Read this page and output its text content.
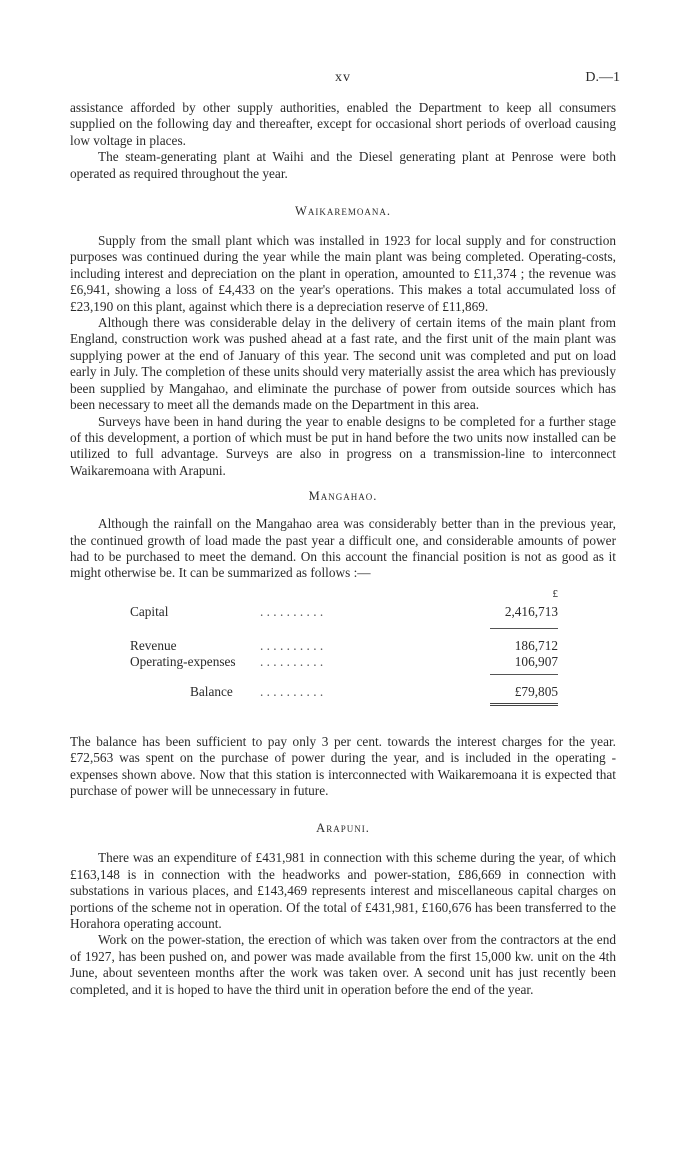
xv	D.—1

assistance afforded by other supply authorities, enabled the Department to keep all consumers supplied on the following day and thereafter, except for occasional short periods of overload causing low voltage in places.

The steam-generating plant at Waihi and the Diesel generating plant at Penrose were both operated as required throughout the year.

Waikaremoana.

Supply from the small plant which was installed in 1923 for local supply and for construction purposes was continued during the year while the main plant was being completed. Operating-costs, including interest and depreciation on the plant in operation, amounted to £11,374 ; the revenue was £6,941, showing a loss of £4,433 on the year's operations. This makes a total accumulated loss of £23,190 on this plant, against which there is a depreciation reserve of £11,869.

Although there was considerable delay in the delivery of certain items of the main plant from England, construction work was pushed ahead at a fast rate, and the first unit of the main plant was supplying power at the end of January of this year. The second unit was completed and put on load early in July. The completion of these units should very materially assist the area which has previously been supplied by Mangahao, and eliminate the purchase of power from outside sources which has been necessary to meet all the demands made on the Department in this area.

Surveys have been in hand during the year to enable designs to be completed for a further stage of this development, a portion of which must be put in hand before the two units now installed can be utilized to full advantage. Surveys are also in progress on a transmission-line to interconnect Waikaremoana with Arapuni.

Mangahao.

Although the rainfall on the Mangahao area was considerably better than in the previous year, the continued growth of load made the past year a difficult one, and considerable amounts of power had to be purchased to meet the demand. On this account the financial position is not as good as it might otherwise be. It can be summarized as follows :—

£
Capital	. . . . . . . . . .	2,416,713
Revenue	. . . . . . . . . .	186,712
Operating-expenses . . . . . . . . . .	106,907
Balance . . . . . . . . . .	£79,805

The balance has been sufficient to pay only 3 per cent. towards the interest charges for the year. £72,563 was spent on the purchase of power during the year, and is included in the operating - expenses shown above. Now that this station is interconnected with Waikaremoana it is expected that purchase of power will be unnecessary in future.

Arapuni.

There was an expenditure of £431,981 in connection with this scheme during the year, of which £163,148 is in connection with the headworks and power-station, £86,669 in connection with substations in various places, and £143,469 represents interest and miscellaneous capital charges on portions of the scheme not in operation. Of the total of £431,981, £160,676 has been transferred to the Horahora operating account.

Work on the power-station, the erection of which was taken over from the contractors at the end of 1927, has been pushed on, and power was made available from the first 15,000 kw. unit on the 4th June, about seventeen months after the work was taken over. A second unit has just recently been completed, and it is hoped to have the third unit in operation before the end of the year.
